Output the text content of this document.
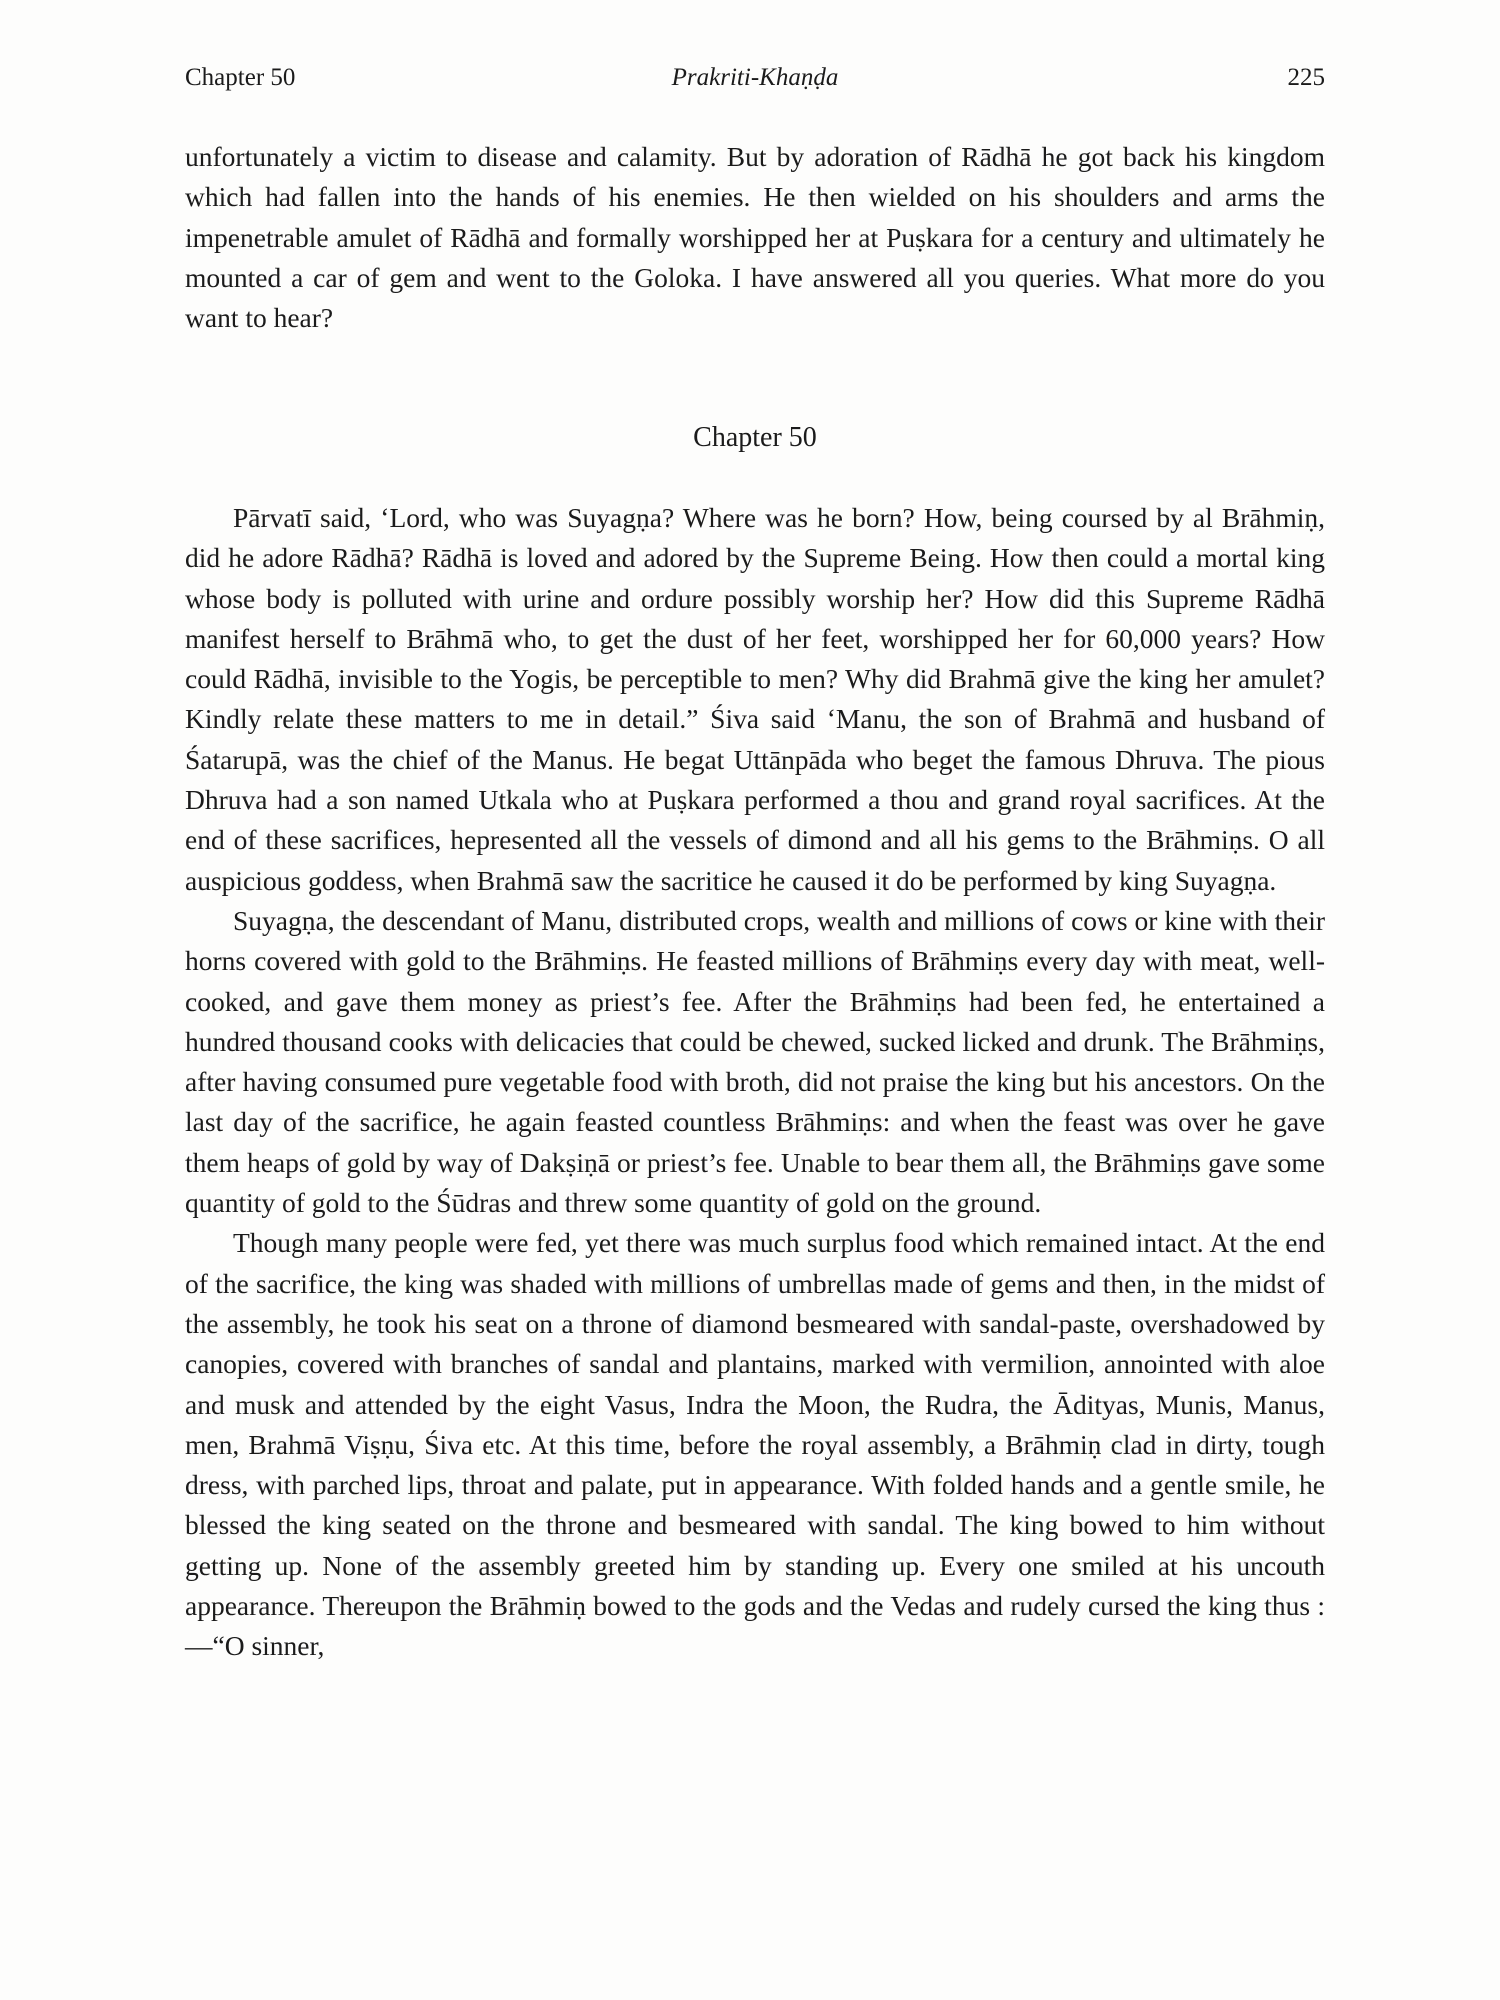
Chapter 50	Prakriti-Khaṇḍa	225

unfortunately a victim to disease and calamity. But by adoration of Rādhā he got back his kingdom which had fallen into the hands of his enemies. He then wielded on his shoulders and arms the impenetrable amulet of Rādhā and formally worshipped her at Puṣkara for a century and ultimately he mounted a car of gem and went to the Goloka. I have answered all you queries. What more do you want to hear?

Chapter 50

Pārvatī said, ‘Lord, who was Suyagṇa? Where was he born? How, being coursed by al Brāhmiṇ, did he adore Rādhā? Rādhā is loved and adored by the Supreme Being. How then could a mortal king whose body is polluted with urine and ordure possibly worship her? How did this Supreme Rādhā manifest herself to Brāhmā who, to get the dust of her feet, worshipped her for 60,000 years? How could Rādhā, invisible to the Yogis, be perceptible to men? Why did Brahmā give the king her amulet? Kindly relate these matters to me in detail.” Śiva said ‘Manu, the son of Brahmā and husband of Śatarupā, was the chief of the Manus. He begat Uttānpāda who beget the famous Dhruva. The pious Dhruva had a son named Utkala who at Puṣkara performed a thou and grand royal sacrifices. At the end of these sacrifices, hepresented all the vessels of dimond and all his gems to the Brāhmiṇs. O all auspicious goddess, when Brahmā saw the sacritice he caused it do be performed by king Suyagṇa.

Suyagṇa, the descendant of Manu, distributed crops, wealth and millions of cows or kine with their horns covered with gold to the Brāhmiṇs. He feasted millions of Brāhmiṇs every day with meat, well-cooked, and gave them money as priest’s fee. After the Brāhmiṇs had been fed, he entertained a hundred thousand cooks with delicacies that could be chewed, sucked licked and drunk. The Brāhmiṇs, after having consumed pure vegetable food with broth, did not praise the king but his ancestors. On the last day of the sacrifice, he again feasted countless Brāhmiṇs: and when the feast was over he gave them heaps of gold by way of Dakṣiṇā or priest’s fee. Unable to bear them all, the Brāhmiṇs gave some quantity of gold to the Śūdras and threw some quantity of gold on the ground.

Though many people were fed, yet there was much surplus food which remained intact. At the end of the sacrifice, the king was shaded with millions of umbrellas made of gems and then, in the midst of the assembly, he took his seat on a throne of diamond besmeared with sandal-paste, overshadowed by canopies, covered with branches of sandal and plantains, marked with vermilion, annointed with aloe and musk and attended by the eight Vasus, Indra the Moon, the Rudra, the Ādityas, Munis, Manus, men, Brahmā Viṣṇu, Śiva etc. At this time, before the royal assembly, a Brāhmiṇ clad in dirty, tough dress, with parched lips, throat and palate, put in appearance. With folded hands and a gentle smile, he blessed the king seated on the throne and besmeared with sandal. The king bowed to him without getting up. None of the assembly greeted him by standing up. Every one smiled at his uncouth appearance. Thereupon the Brāhmiṇ bowed to the gods and the Vedas and rudely cursed the king thus :—“O sinner,
